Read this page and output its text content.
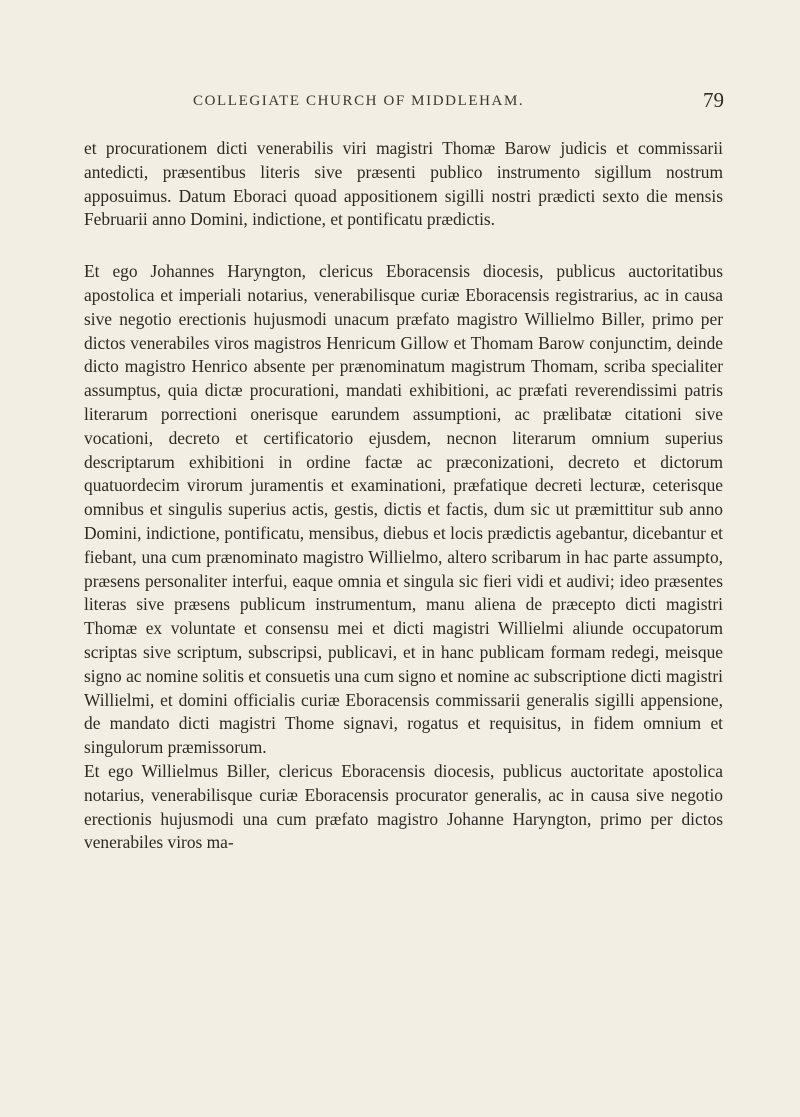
COLLEGIATE CHURCH OF MIDDLEHAM.	79

et procurationem dicti venerabilis viri magistri Thomæ Barow judicis et commissarii antedicti, præsentibus literis sive præsenti publico instrumento sigillum nostrum apposuimus. Datum Eboraci quoad appositionem sigilli nostri prædicti sexto die mensis Februarii anno Domini, indictione, et pontificatu prædictis.

Et ego Johannes Haryngton, clericus Eboracensis diocesis, publicus auctoritatibus apostolica et imperiali notarius, venerabilisque curiæ Eboracensis registrarius, ac in causa sive negotio erectionis hujusmodi unacum præfato magistro Willielmo Biller, primo per dictos venerabiles viros magistros Henricum Gillow et Thomam Barow conjunctim, deinde dicto magistro Henrico absente per prænominatum magistrum Thomam, scriba specialiter assumptus, quia dictæ procurationi, mandati exhibitioni, ac præfati reverendissimi patris literarum porrectioni onerisque earundem assumptioni, ac prælibatæ citationi sive vocationi, decreto et certificatorio ejusdem, necnon literarum omnium superius descriptarum exhibitioni in ordine factæ ac præconizationi, decreto et dictorum quatuordecim virorum juramentis et examinationi, præfatique decreti lecturæ, ceterisque omnibus et singulis superius actis, gestis, dictis et factis, dum sic ut præmittitur sub anno Domini, indictione, pontificatu, mensibus, diebus et locis prædictis agebantur, dicebantur et fiebant, una cum prænominato magistro Willielmo, altero scribarum in hac parte assumpto, præsens personaliter interfui, eaque omnia et singula sic fieri vidi et audivi; ideo præsentes literas sive præsens publicum instrumentum, manu aliena de præcepto dicti magistri Thomæ ex voluntate et consensu mei et dicti magistri Willielmi aliunde occupatorum scriptas sive scriptum, subscripsi, publicavi, et in hanc publicam formam redegi, meisque signo ac nomine solitis et consuetis una cum signo et nomine ac subscriptione dicti magistri Willielmi, et domini officialis curiæ Eboracensis commissarii generalis sigilli appensione, de mandato dicti magistri Thome signavi, rogatus et requisitus, in fidem omnium et singulorum præmissorum.

Et ego Willielmus Biller, clericus Eboracensis diocesis, publicus auctoritate apostolica notarius, venerabilisque curiæ Eboracensis procurator generalis, ac in causa sive negotio erectionis hujusmodi una cum præfato magistro Johanne Haryngton, primo per dictos venerabiles viros ma-
